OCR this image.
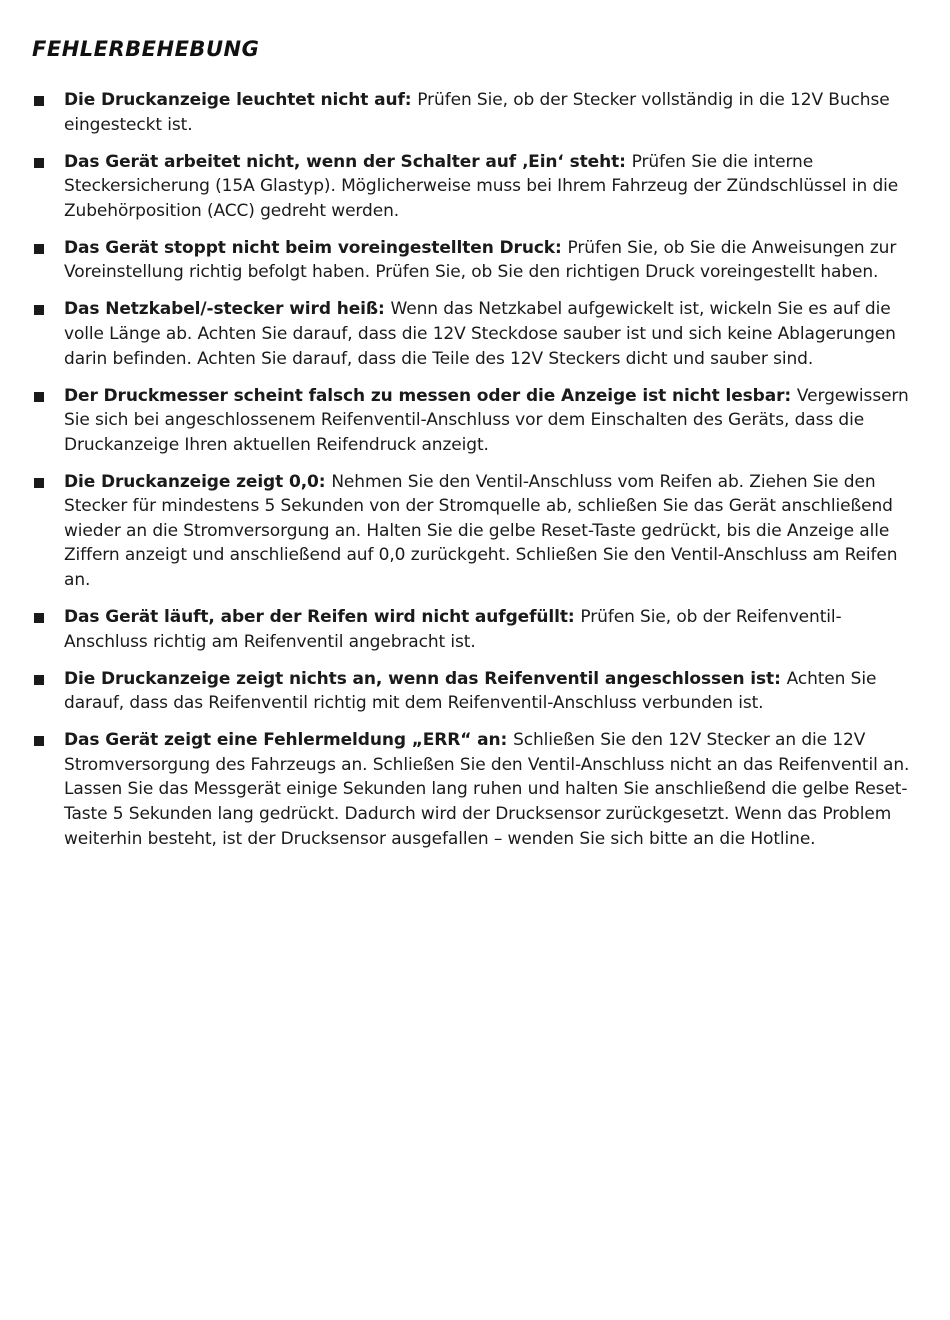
FEHLERBEHEBUNG
Die Druckanzeige leuchtet nicht auf: Prüfen Sie, ob der Stecker vollständig in die 12V Buchse eingesteckt ist.
Das Gerät arbeitet nicht, wenn der Schalter auf ‚Ein‘ steht: Prüfen Sie die interne Steckersicherung (15A Glastyp). Möglicherweise muss bei Ihrem Fahrzeug der Zündschlüssel in die Zubehörposition (ACC) gedreht werden.
Das Gerät stoppt nicht beim voreingestellten Druck: Prüfen Sie, ob Sie die Anweisungen zur Voreinstellung richtig befolgt haben. Prüfen Sie, ob Sie den richtigen Druck voreingestellt haben.
Das Netzkabel/-stecker wird heiß: Wenn das Netzkabel aufgewickelt ist, wickeln Sie es auf die volle Länge ab. Achten Sie darauf, dass die 12V Steckdose sauber ist und sich keine Ablagerungen darin befinden. Achten Sie darauf, dass die Teile des 12V Steckers dicht und sauber sind.
Der Druckmesser scheint falsch zu messen oder die Anzeige ist nicht lesbar: Vergewissern Sie sich bei angeschlossenem Reifenventil-Anschluss vor dem Einschalten des Geräts, dass die Druckanzeige Ihren aktuellen Reifendruck anzeigt.
Die Druckanzeige zeigt 0,0: Nehmen Sie den Ventil-Anschluss vom Reifen ab. Ziehen Sie den Stecker für mindestens 5 Sekunden von der Stromquelle ab, schließen Sie das Gerät anschließend wieder an die Stromversorgung an. Halten Sie die gelbe Reset-Taste gedrückt, bis die Anzeige alle Ziffern anzeigt und anschließend auf 0,0 zurückgeht. Schließen Sie den Ventil-Anschluss am Reifen an.
Das Gerät läuft, aber der Reifen wird nicht aufgefüllt: Prüfen Sie, ob der Reifenventil-Anschluss richtig am Reifenventil angebracht ist.
Die Druckanzeige zeigt nichts an, wenn das Reifenventil angeschlossen ist: Achten Sie darauf, dass das Reifenventil richtig mit dem Reifenventil-Anschluss verbunden ist.
Das Gerät zeigt eine Fehlermeldung „ERR“ an: Schließen Sie den 12V Stecker an die 12V Stromversorgung des Fahrzeugs an. Schließen Sie den Ventil-Anschluss nicht an das Reifenventil an. Lassen Sie das Messgerät einige Sekunden lang ruhen und halten Sie anschließend die gelbe Reset-Taste 5 Sekunden lang gedrückt. Dadurch wird der Drucksensor zurückgesetzt. Wenn das Problem weiterhin besteht, ist der Drucksensor ausgefallen – wenden Sie sich bitte an die Hotline.
